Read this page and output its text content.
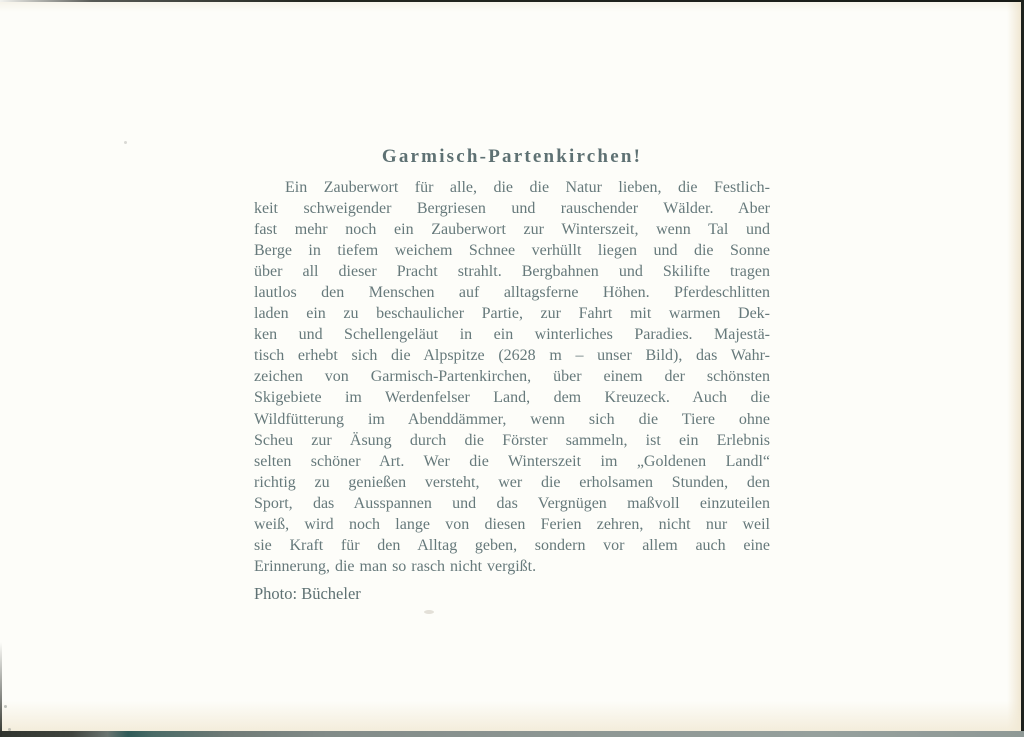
Garmisch-Partenkirchen!
Ein Zauberwort für alle, die die Natur lieben, die Festlich-
keit schweigender Bergriesen und rauschender Wälder. Aber
fast mehr noch ein Zauberwort zur Winterszeit, wenn Tal und
Berge in tiefem weichem Schnee verhüllt liegen und die Sonne
über all dieser Pracht strahlt. Bergbahnen und Skilifte tragen
lautlos den Menschen auf alltagsferne Höhen. Pferdeschlitten
laden ein zu beschaulicher Partie, zur Fahrt mit warmen Dek-
ken und Schellengeläut in ein winterliches Paradies. Majestä-
tisch erhebt sich die Alpspitze (2628 m – unser Bild), das Wahr-
zeichen von Garmisch-Partenkirchen, über einem der schönsten
Skigebiete im Werdenfelser Land, dem Kreuzeck. Auch die
Wildfütterung im Abenddämmer, wenn sich die Tiere ohne
Scheu zur Äsung durch die Förster sammeln, ist ein Erlebnis
selten schöner Art. Wer die Winterszeit im „Goldenen Landl“
richtig zu genießen versteht, wer die erholsamen Stunden, den
Sport, das Ausspannen und das Vergnügen maßvoll einzuteilen
weiß, wird noch lange von diesen Ferien zehren, nicht nur weil
sie Kraft für den Alltag geben, sondern vor allem auch eine
Erinnerung, die man so rasch nicht vergißt.
Photo: Bücheler
